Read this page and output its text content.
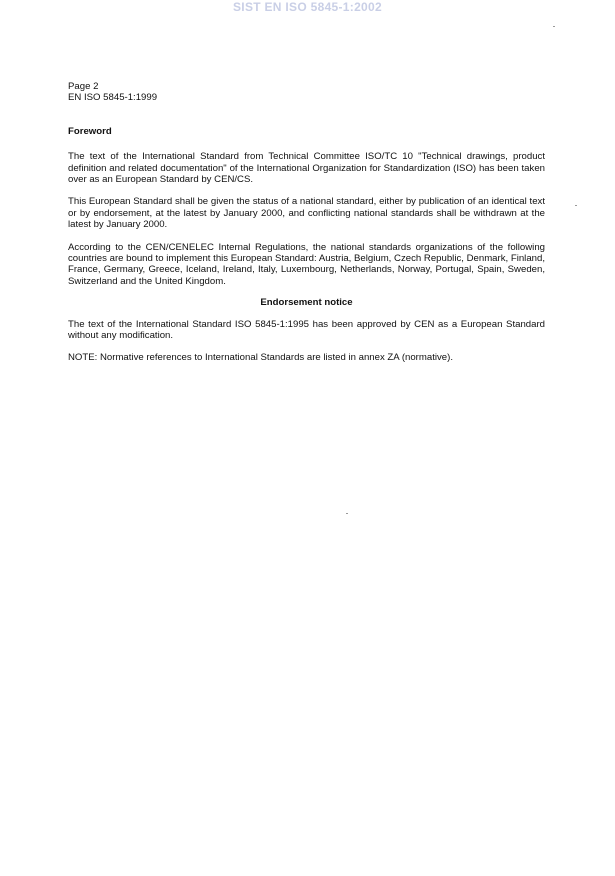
SIST EN ISO 5845-1:2002
Page 2
EN ISO 5845-1:1999
Foreword

The text of the International Standard from Technical Committee ISO/TC 10 "Technical drawings, product definition and related documentation" of the International Organization for Standardization (ISO) has been taken over as an European Standard by CEN/CS.

This European Standard shall be given the status of a national standard, either by publication of an identical text or by endorsement, at the latest by January 2000, and conflicting national standards shall be withdrawn at the latest by January 2000.

According to the CEN/CENELEC Internal Regulations, the national standards organizations of the following countries are bound to implement this European Standard: Austria, Belgium, Czech Republic, Denmark, Finland, France, Germany, Greece, Iceland, Ireland, Italy, Luxembourg, Netherlands, Norway, Portugal, Spain, Sweden, Switzerland and the United Kingdom.

Endorsement notice

The text of the International Standard ISO 5845-1:1995 has been approved by CEN as a European Standard without any modification.

NOTE: Normative references to International Standards are listed in annex ZA (normative).
